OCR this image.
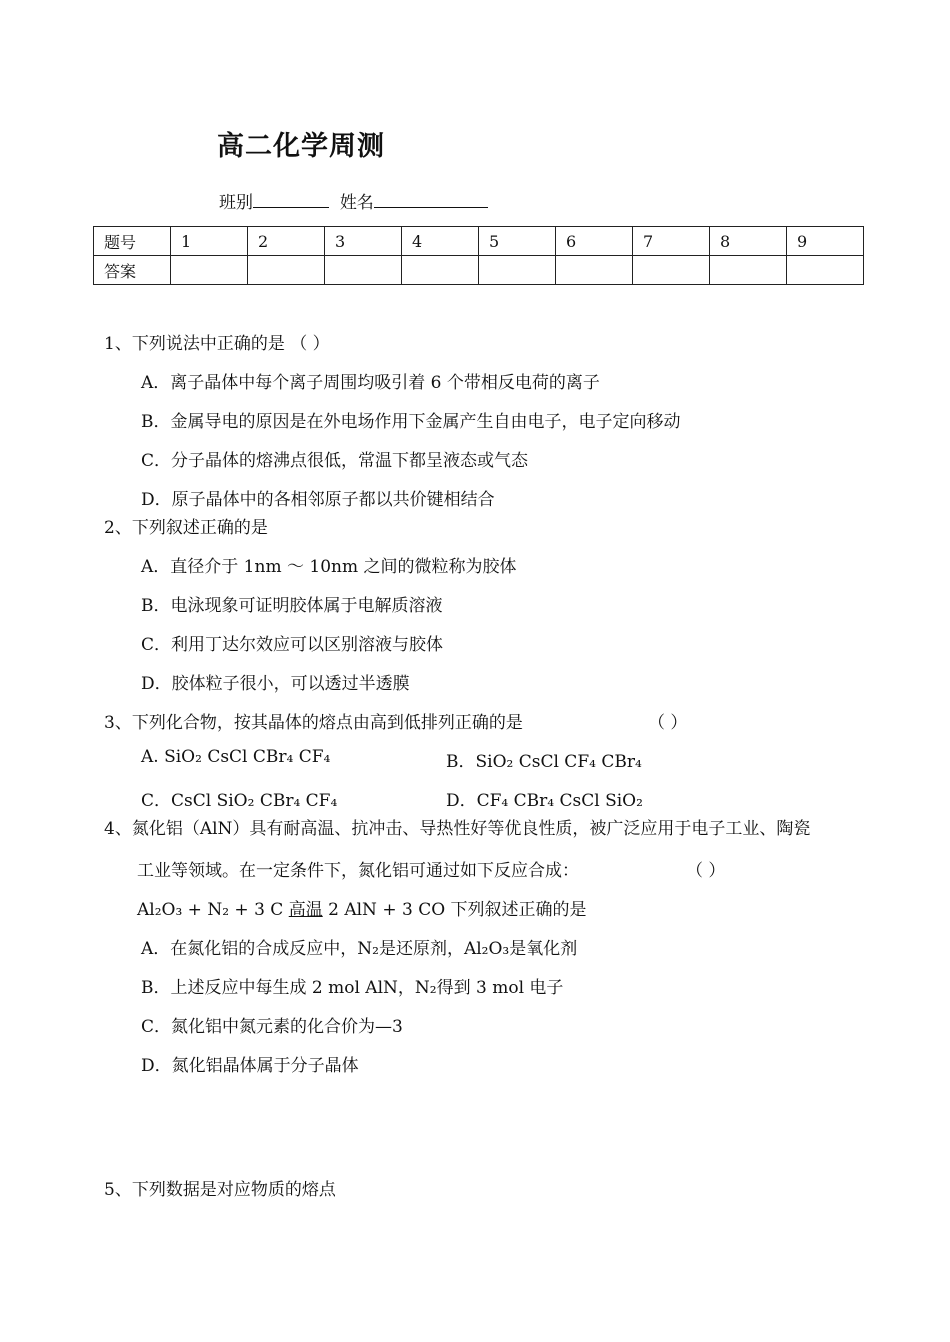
高二化学周测
班别	姓名
题号	1	2	3	4	5	6	7	8	9
答案									
1、下列说法中正确的是 （ ）
A．离子晶体中每个离子周围均吸引着 6 个带相反电荷的离子
B．金属导电的原因是在外电场作用下金属产生自由电子，电子定向移动
C．分子晶体的熔沸点很低，常温下都呈液态或气态
D．原子晶体中的各相邻原子都以共价键相结合
2、下列叙述正确的是
A．直径介于 1nm ～ 10nm 之间的微粒称为胶体
B．电泳现象可证明胶体属于电解质溶液
C．利用丁达尔效应可以区别溶液与胶体
D．胶体粒子很小，可以透过半透膜
3、下列化合物，按其晶体的熔点由高到低排列正确的是	（ ）
A. SiO₂ CsCl CBr₄ CF₄	B．SiO₂ CsCl CF₄ CBr₄
C．CsCl SiO₂ CBr₄ CF₄	D．CF₄ CBr₄ CsCl SiO₂
4、氮化铝（AlN）具有耐高温、抗冲击、导热性好等优良性质，被广泛应用于电子工业、陶瓷
工业等领域。在一定条件下，氮化铝可通过如下反应合成：	（ ）
Al₂O₃ + N₂ + 3 C 高温 2 AlN + 3 CO 下列叙述正确的是
A．在氮化铝的合成反应中，N₂是还原剂，Al₂O₃是氧化剂
B．上述反应中每生成 2 mol AlN，N₂得到 3 mol 电子
C．氮化铝中氮元素的化合价为—3
D．氮化铝晶体属于分子晶体
5、下列数据是对应物质的熔点
